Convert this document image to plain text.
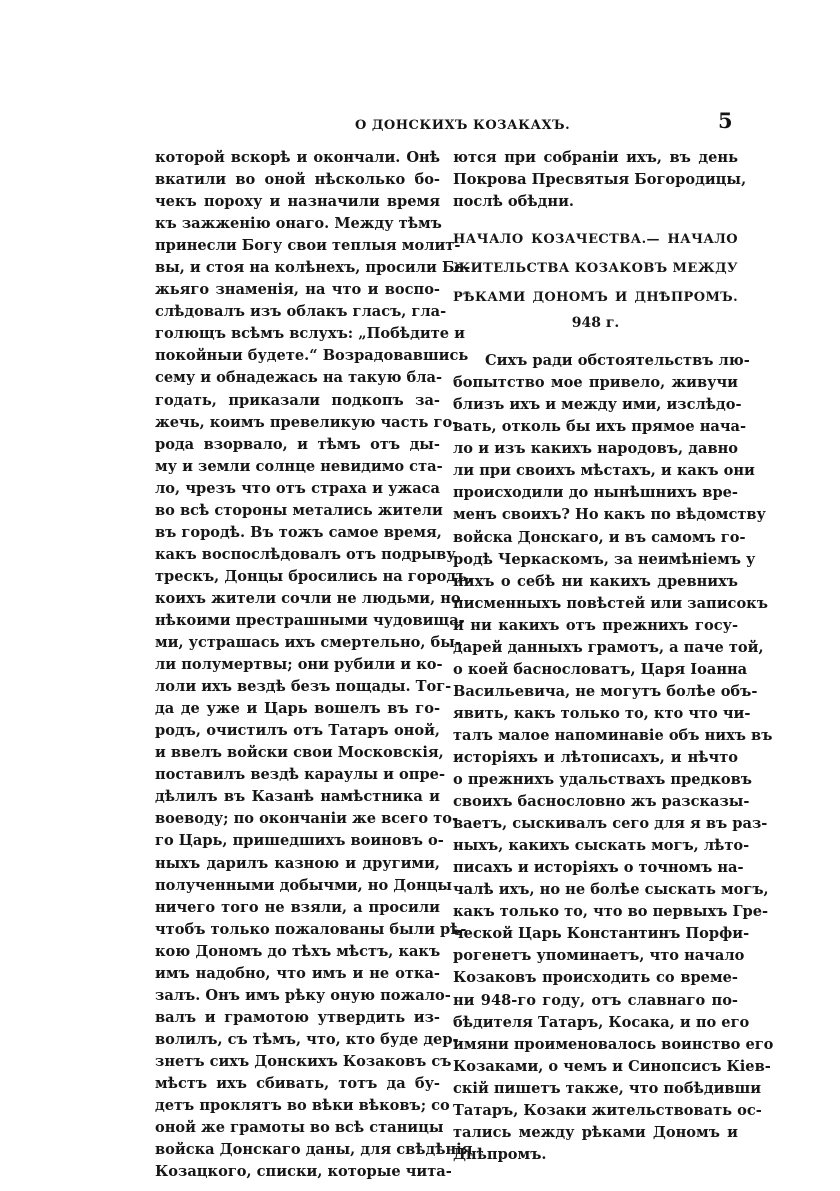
О ДОНСКИХЪ КОЗАКАХЪ.	5
которой вскорѣ и окончали. Онѣ
вкатили во оной нѣсколько бо-
чекъ пороху и назначили время
къ зажженію онаго. Между тѣмъ
принесли Богу свои теплыя молит-
вы, и стоя на колѣнехъ, просили Бо-
жьяго знаменія, на что и воспо-
слѣдовалъ изъ облакъ гласъ, гла-
голющъ всѣмъ вслухъ: „Побѣдите и
покойныи будете.“ Возрадовавшись
сему и обнадежась на такую бла-
годать, приказали подкопъ за-
жечь, коимъ превеликую часть го-
рода взорвало, и тѣмъ отъ ды-
му и земли солнце невидимо ста-
ло, чрезъ что отъ страха и ужаса
во всѣ стороны метались жители
въ городѣ. Въ тожъ самое время,
какъ воспослѣдовалъ отъ подрыву
трескъ, Донцы бросились на городъ,
коихъ жители сочли не людьми, но
нѣкоими престрашными чудовища-
ми, устрашась ихъ смертельно, бы-
ли полумертвы; они рубили и ко-
лоли ихъ вездѣ безъ пощады. Тог-
да де уже и Царь вошелъ въ го-
родъ, очистилъ отъ Татаръ оной,
и ввелъ войски свои Московскія,
поставилъ вездѣ караулы и опре-
дѣлилъ въ Казанѣ намѣстника и
воеводу; по окончаніи же всего то-
го Царь, пришедшихъ воиновъ о-
ныхъ дарилъ казною и другими,
полученными добычми, но Донцы
ничего того не взяли, а просили
чтобъ только пожалованы были рѣ-
кою Дономъ до тѣхъ мѣстъ, какъ
имъ надобно, что имъ и не отка-
залъ. Онъ имъ рѣку оную пожало-
валъ и грамотою утвердить из-
волилъ, съ тѣмъ, что, кто буде дер-
знетъ сихъ Донскихъ Козаковъ съ
мѣстъ ихъ сбивать, тотъ да бу-
детъ проклятъ во вѣки вѣковъ; со
оной же грамоты во всѣ станицы
войска Донскаго даны, для свѣдѣнія
Козацкого, списки, которые чита-
ются при собраніи ихъ, въ день
Покрова Пресвятыя Богородицы,
послѣ обѣдни.
НАЧАЛО КОЗАЧЕСТВА.— НАЧАЛО
ЖИТЕЛЬСТВА КОЗАКОВЪ МЕЖДУ
РѢКАМИ ДОНОМЪ И ДНѢПРОМЪ.
948 г.
Сихъ ради обстоятельствъ лю-
бопытство мое привело, живучи
близъ ихъ и между ими, изслѣдо-
вать, отколь бы ихъ прямое нача-
ло и изъ какихъ народовъ, давно
ли при своихъ мѣстахъ, и какъ они
происходили до нынѣшнихъ вре-
менъ своихъ? Но какъ по вѣдомству
войска Донскаго, и въ самомъ го-
родѣ Черкаскомъ, за неимѣніемъ у
нихъ о себѣ ни какихъ древнихъ
писменныхъ повѣстей или записокъ
и ни какихъ отъ прежнихъ госу-
дарей данныхъ грамотъ, а паче той,
о коей баснословатъ, Царя Іоанна
Васильевича, не могутъ болѣе объ-
явить, какъ только то, кто что чи-
талъ малое напоминавіе объ нихъ въ
исторіяхъ и лѣтописахъ, и нѣчто
о прежнихъ удальствахъ предковъ
своихъ баснословно жъ разсказы-
ваетъ, сыскивалъ сего для я въ раз-
ныхъ, какихъ сыскать могъ, лѣто-
писахъ и исторіяхъ о точномъ на-
чалѣ ихъ, но не болѣе сыскать могъ,
какъ только то, что во первыхъ Гре-
ческой Царь Константинъ Порфи-
рогенетъ упоминаетъ, что начало
Козаковъ происходить со време-
ни 948-го году, отъ славнаго по-
бѣдителя Татаръ, Косака, и по его
имяни проименовалось воинство его
Козаками, о чемъ и Синопсисъ Кіев-
скій пишетъ также, что побѣдивши
Татаръ, Козаки жительствовать ос-
тались между рѣками Дономъ и
Днѣпромъ.
